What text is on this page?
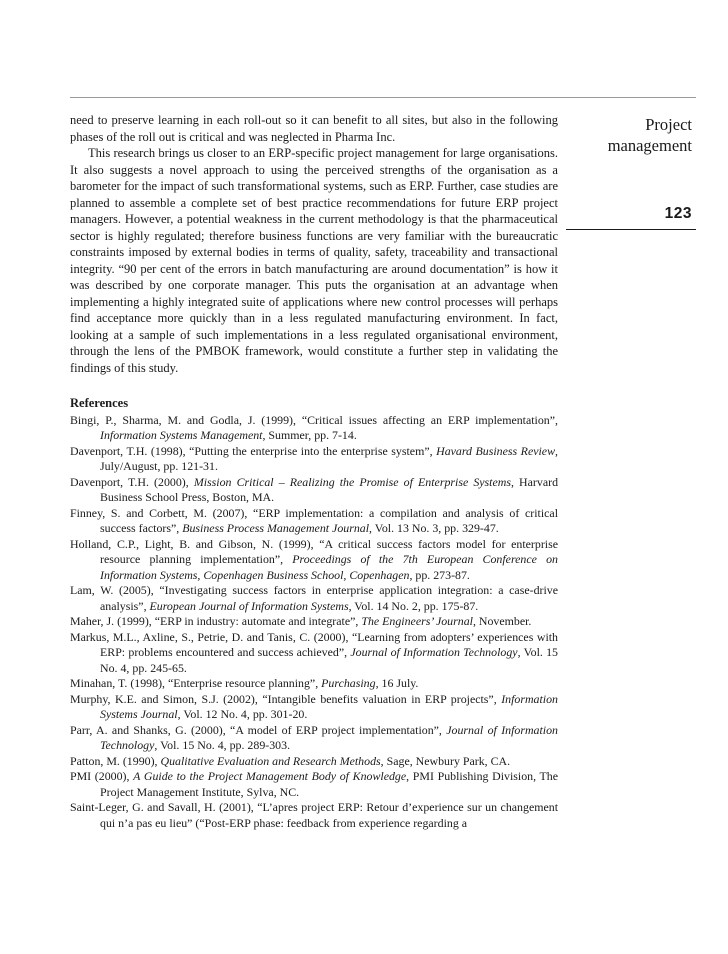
Project
management
123

need to preserve learning in each roll-out so it can benefit to all sites, but also in the following phases of the roll out is critical and was neglected in Pharma Inc.

This research brings us closer to an ERP-specific project management for large organisations. It also suggests a novel approach to using the perceived strengths of the organisation as a barometer for the impact of such transformational systems, such as ERP. Further, case studies are planned to assemble a complete set of best practice recommendations for future ERP project managers. However, a potential weakness in the current methodology is that the pharmaceutical sector is highly regulated; therefore business functions are very familiar with the bureaucratic constraints imposed by external bodies in terms of quality, safety, traceability and transactional integrity. “90 per cent of the errors in batch manufacturing are around documentation” is how it was described by one corporate manager. This puts the organisation at an advantage when implementing a highly integrated suite of applications where new control processes will perhaps find acceptance more quickly than in a less regulated manufacturing environment. In fact, looking at a sample of such implementations in a less regulated organisational environment, through the lens of the PMBOK framework, would constitute a further step in validating the findings of this study.

References

Bingi, P., Sharma, M. and Godla, J. (1999), “Critical issues affecting an ERP implementation”, Information Systems Management, Summer, pp. 7-14.

Davenport, T.H. (1998), “Putting the enterprise into the enterprise system”, Havard Business Review, July/August, pp. 121-31.

Davenport, T.H. (2000), Mission Critical – Realizing the Promise of Enterprise Systems, Harvard Business School Press, Boston, MA.

Finney, S. and Corbett, M. (2007), “ERP implementation: a compilation and analysis of critical success factors”, Business Process Management Journal, Vol. 13 No. 3, pp. 329-47.

Holland, C.P., Light, B. and Gibson, N. (1999), “A critical success factors model for enterprise resource planning implementation”, Proceedings of the 7th European Conference on Information Systems, Copenhagen Business School, Copenhagen, pp. 273-87.

Lam, W. (2005), “Investigating success factors in enterprise application integration: a case-drive analysis”, European Journal of Information Systems, Vol. 14 No. 2, pp. 175-87.

Maher, J. (1999), “ERP in industry: automate and integrate”, The Engineers’ Journal, November.

Markus, M.L., Axline, S., Petrie, D. and Tanis, C. (2000), “Learning from adopters’ experiences with ERP: problems encountered and success achieved”, Journal of Information Technology, Vol. 15 No. 4, pp. 245-65.

Minahan, T. (1998), “Enterprise resource planning”, Purchasing, 16 July.

Murphy, K.E. and Simon, S.J. (2002), “Intangible benefits valuation in ERP projects”, Information Systems Journal, Vol. 12 No. 4, pp. 301-20.

Parr, A. and Shanks, G. (2000), “A model of ERP project implementation”, Journal of Information Technology, Vol. 15 No. 4, pp. 289-303.

Patton, M. (1990), Qualitative Evaluation and Research Methods, Sage, Newbury Park, CA.

PMI (2000), A Guide to the Project Management Body of Knowledge, PMI Publishing Division, The Project Management Institute, Sylva, NC.

Saint-Leger, G. and Savall, H. (2001), “L’apres project ERP: Retour d’experience sur un changement qui n’a pas eu lieu” (“Post-ERP phase: feedback from experience regarding a
